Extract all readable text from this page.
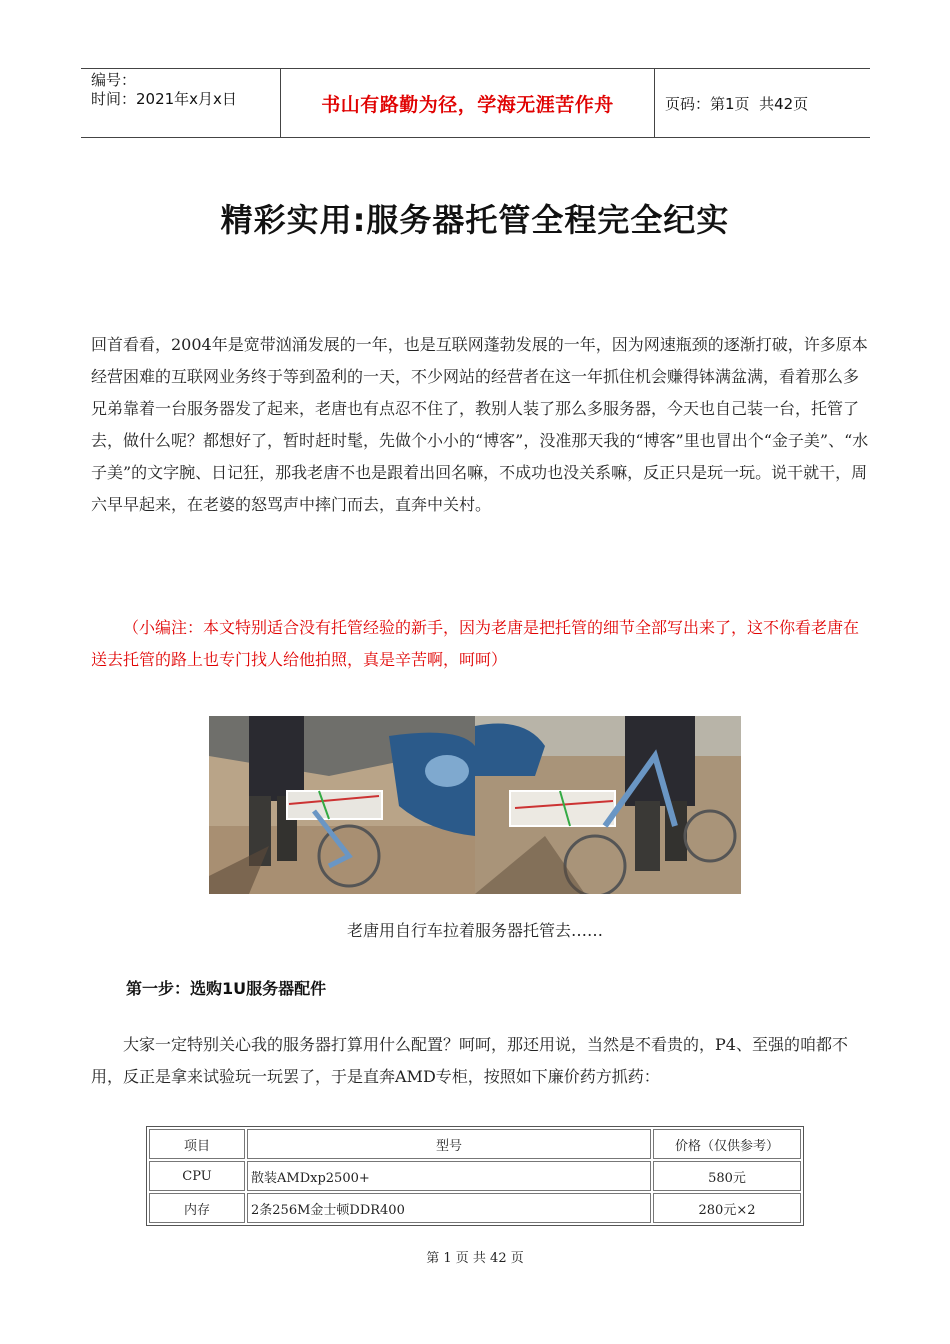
编号：
时间：2021年x月x日	书山有路勤为径，学海无涯苦作舟	页码：第1页  共42页
精彩实用:服务器托管全程完全纪实
回首看看，2004年是宽带汹涌发展的一年，也是互联网蓬勃发展的一年，因为网速瓶颈的逐渐打破，许多原本经营困难的互联网业务终于等到盈利的一天，不少网站的经营者在这一年抓住机会赚得钵满盆满，看着那么多兄弟靠着一台服务器发了起来，老唐也有点忍不住了，教别人装了那么多服务器，今天也自己装一台，托管了去，做什么呢？都想好了，暂时赶时髦，先做个小小的“博客”，没准那天我的“博客”里也冒出个“金子美”、“水子美”的文字腕、日记狂，那我老唐不也是跟着出回名嘛，不成功也没关系嘛，反正只是玩一玩。说干就干，周六早早起来，在老婆的怒骂声中摔门而去，直奔中关村。
（小编注：本文特别适合没有托管经验的新手，因为老唐是把托管的细节全部写出来了，这不你看老唐在送去托管的路上也专门找人给他拍照，真是辛苦啊，呵呵）
老唐用自行车拉着服务器托管去……
第一步：选购1U服务器配件
大家一定特别关心我的服务器打算用什么配置？呵呵，那还用说，当然是不看贵的，P4、至强的咱都不用，反正是拿来试验玩一玩罢了，于是直奔AMD专柜，按照如下廉价药方抓药：
项目	型号	价格（仅供参考）
CPU	散装AMDxp2500+	580元
内存	2条256M金士顿DDR400	280元×2
第 1 页 共 42 页
